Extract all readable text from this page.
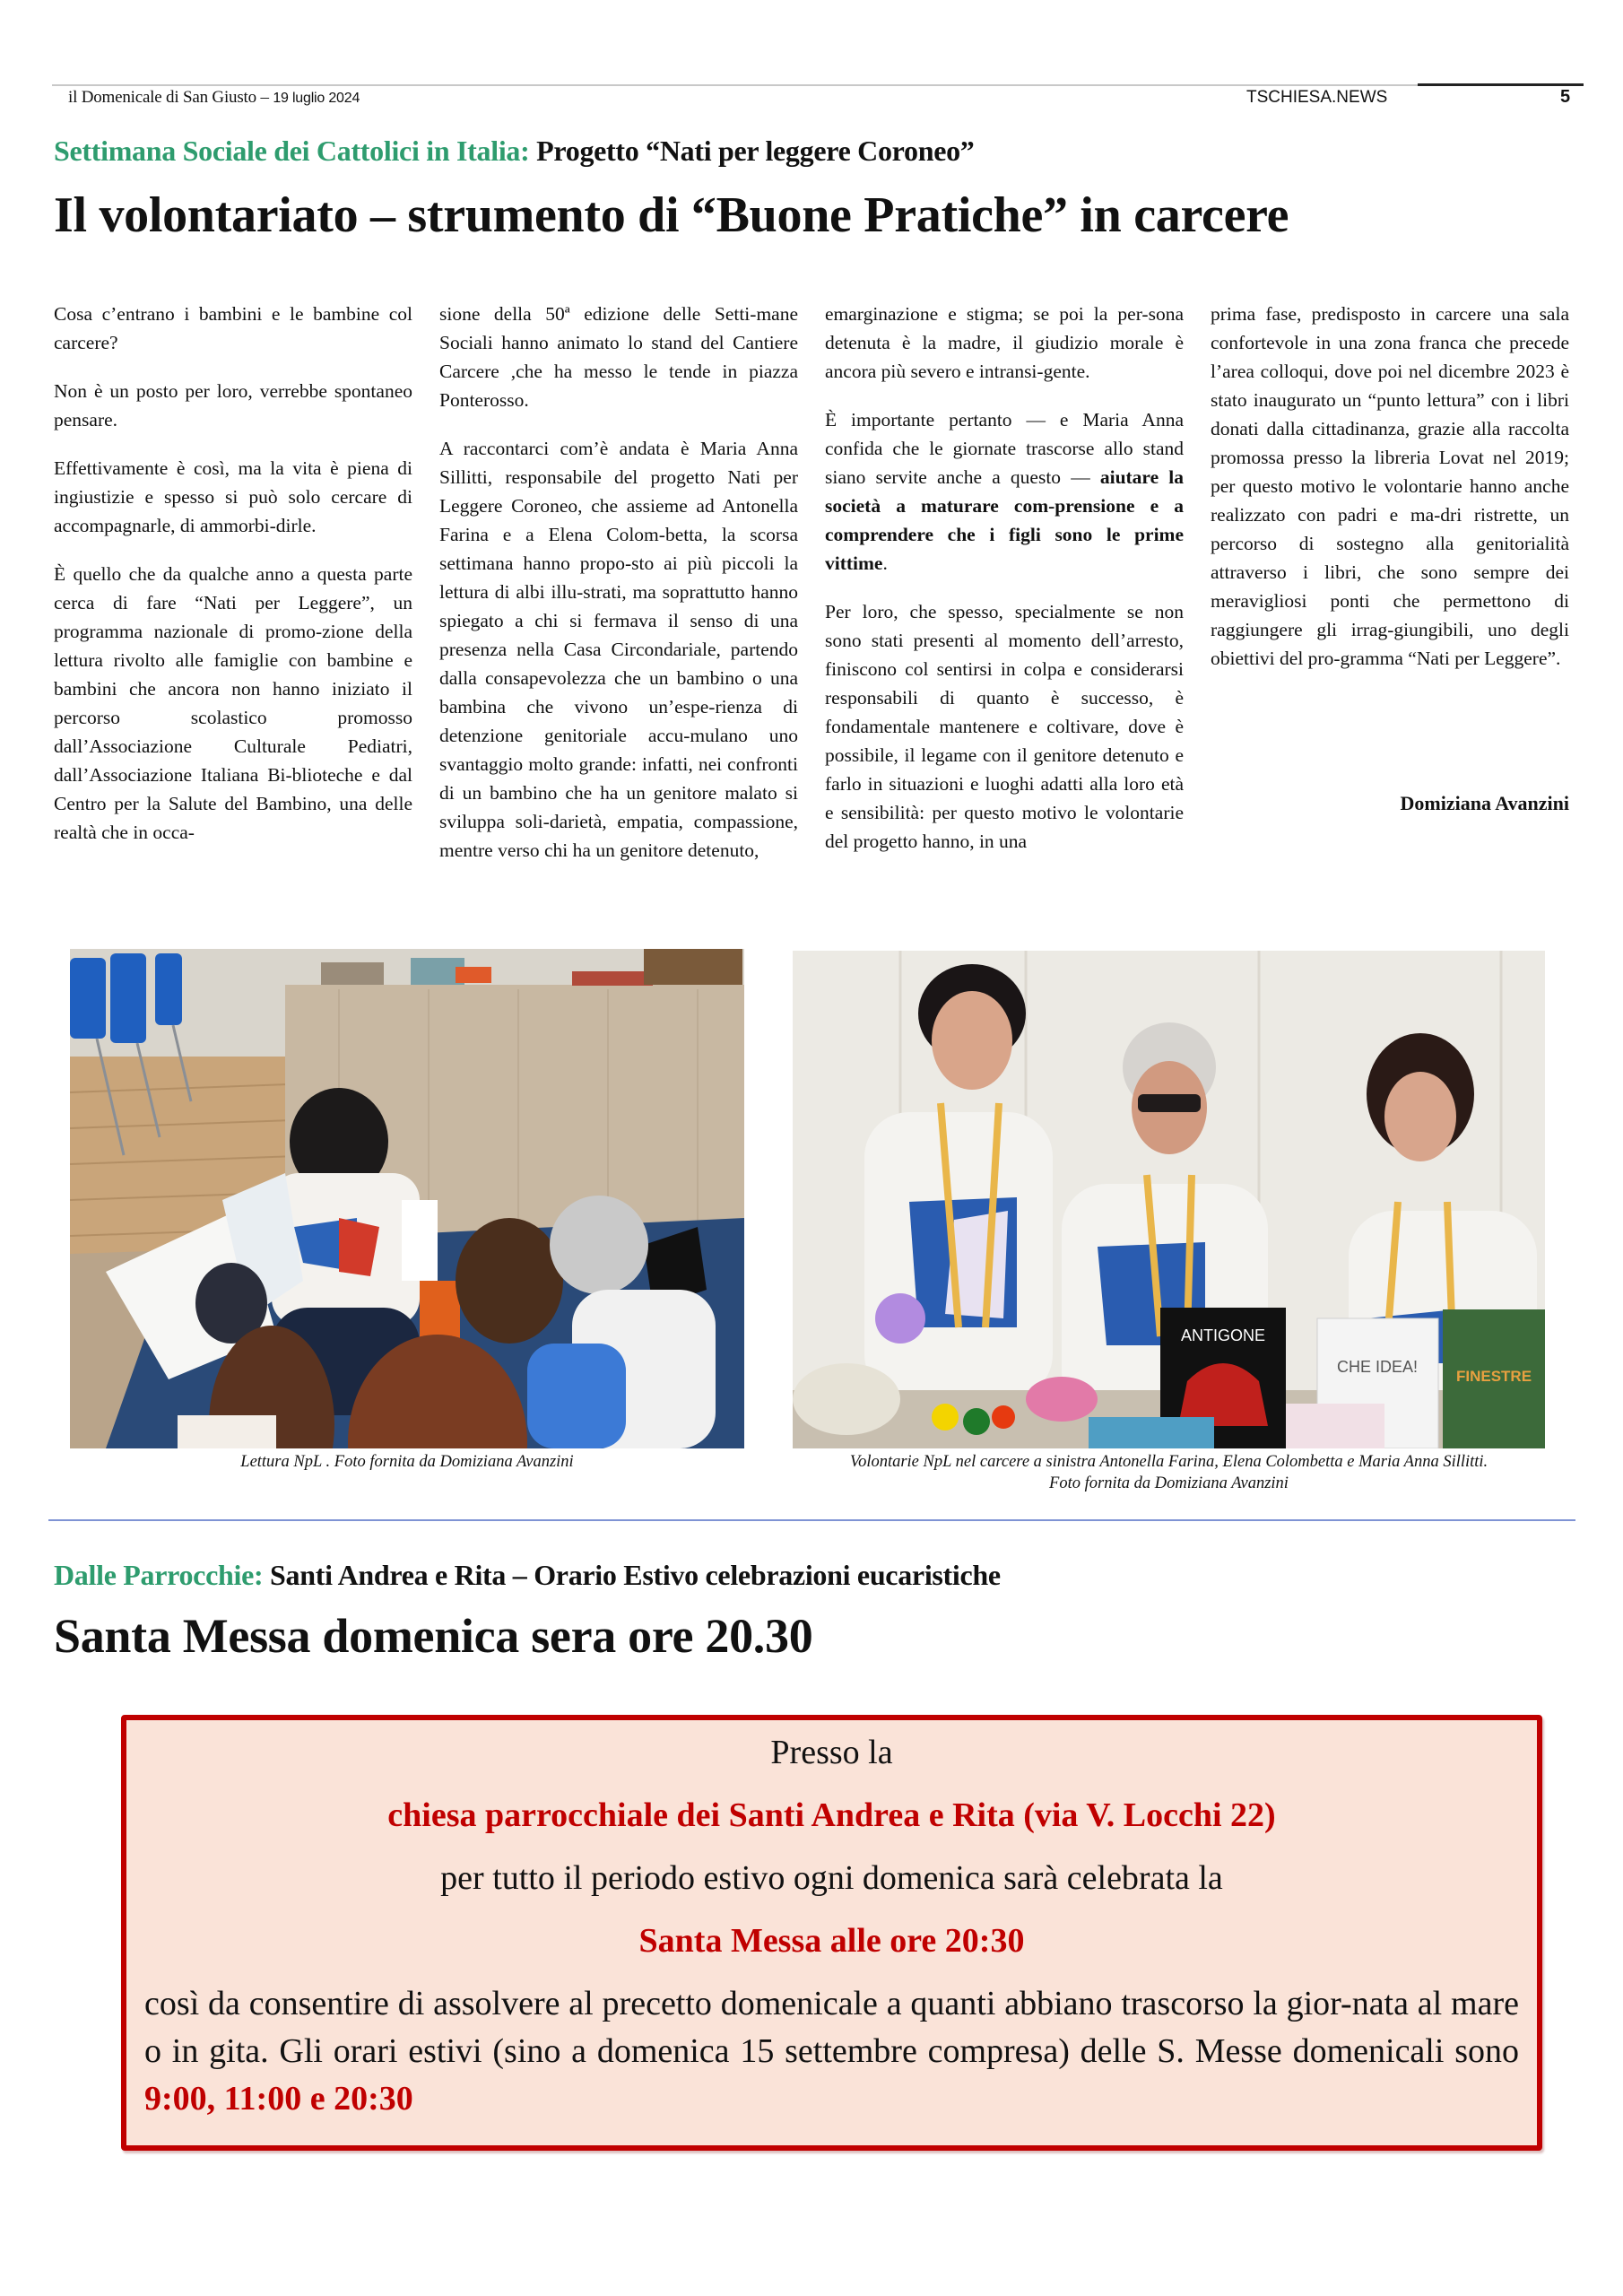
il Domenicale di San Giusto – 19 luglio 2024	TSCHIESA.NEWS	5
Settimana Sociale dei Cattolici in Italia: Progetto “Nati per leggere Coroneo”
Il volontariato – strumento di “Buone Pratiche” in carcere

Cosa c’entrano i bambini e le bambine col carcere?

Non è un posto per loro, verrebbe spontaneo pensare.

Effettivamente è così, ma la vita è piena di ingiustizie e spesso si può solo cercare di accompagnarle, di ammorbi-dirle.

È quello che da qualche anno a questa parte cerca di fare “Nati per Leggere”, un programma nazionale di promo-zione della lettura rivolto alle famiglie con bambine e bambini che ancora non hanno iniziato il percorso scolastico promosso dall’Associazione Culturale Pediatri, dall’Associazione Italiana Bi-blioteche e dal Centro per la Salute del Bambino, una delle realtà che in occa-

sione della 50ª edizione delle Setti-mane Sociali hanno animato lo stand del Cantiere Carcere ,che ha messo le tende in piazza Ponterosso.

A raccontarci com’è andata è Maria Anna Sillitti, responsabile del progetto Nati per Leggere Coroneo, che assieme ad Antonella Farina e a Elena Colom-betta, la scorsa settimana hanno propo-sto ai più piccoli la lettura di albi illu-strati, ma soprattutto hanno spiegato a chi si fermava il senso di una presenza nella Casa Circondariale, partendo dalla consapevolezza che un bambino o una bambina che vivono un’espe-rienza di detenzione genitoriale accu-mulano uno svantaggio molto grande: infatti, nei confronti di un bambino che ha un genitore malato si sviluppa soli-darietà, empatia, compassione, mentre verso chi ha un genitore detenuto,

emarginazione e stigma; se poi la per-sona detenuta è la madre, il giudizio morale è ancora più severo e intransi-gente.

È importante pertanto — e Maria Anna confida che le giornate trascorse allo stand siano servite anche a questo — aiutare la società a maturare com-prensione e a comprendere che i figli sono le prime vittime.

Per loro, che spesso, specialmente se non sono stati presenti al momento dell’arresto, finiscono col sentirsi in colpa e considerarsi responsabili di quanto è successo, è fondamentale mantenere e coltivare, dove è possibile, il legame con il genitore detenuto e farlo in situazioni e luoghi adatti alla loro età e sensibilità: per questo motivo le volontarie del progetto hanno, in una

prima fase, predisposto in carcere una sala confortevole in una zona franca che precede l’area colloqui, dove poi nel dicembre 2023 è stato inaugurato un “punto lettura” con i libri donati dalla cittadinanza, grazie alla raccolta promossa presso la libreria Lovat nel 2019; per questo motivo le volontarie hanno anche realizzato con padri e ma-dri ristrette, un percorso di sostegno alla genitorialità attraverso i libri, che sono sempre dei meravigliosi ponti che permettono di raggiungere gli irrag-giungibili, uno degli obiettivi del pro-gramma “Nati per Leggere”.

Domiziana Avanzini
Lettura NpL . Foto fornita da Domiziana Avanzini
ANTIGONE
CHE IDEA!
FINESTRE
Volontarie NpL nel carcere a sinistra Antonella Farina, Elena Colombetta e Maria Anna Sillitti.
Foto fornita da Domiziana Avanzini
Dalle Parrocchie: Santi Andrea e Rita – Orario Estivo celebrazioni eucaristiche
Santa Messa domenica sera ore 20.30
Presso la
chiesa parrocchiale dei Santi Andrea e Rita (via V. Locchi 22)
per tutto il periodo estivo ogni domenica sarà celebrata la
Santa Messa alle ore 20:30
così da consentire di assolvere al precetto domenicale a quanti abbiano trascorso la gior-nata al mare o in gita. Gli orari estivi (sino a domenica 15 settembre compresa) delle S. Messe domenicali sono 9:00, 11:00 e 20:30
